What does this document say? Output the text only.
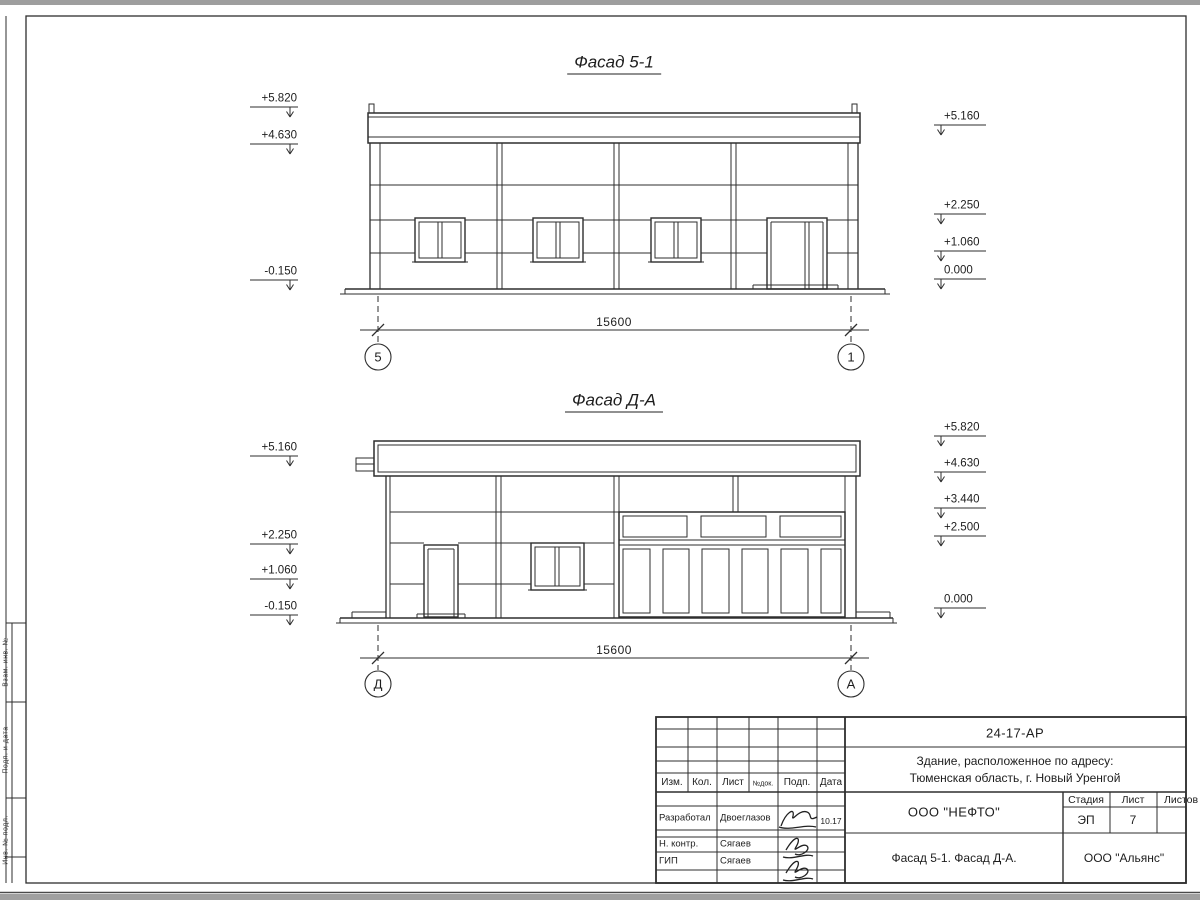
Фасад 5-1
Фасад Д-А
+5.820
+4.630
-0.150
+5.160
+2.250
+1.060
0.000
+5.160
+2.250
+1.060
-0.150
+5.820
+4.630
+3.440
+2.500
0.000
15600
5	1
15600
Д	А
Взам. инв. №
Подп. и дата
Инв. № подл.
Изм. Кол. Лист №док. Подп. Дата
Разработал Двоеглазов	10.17
Н. контр. Сягаев
ГИП	Сягаев
24-17-АР
Здание, расположенное по адресу:
Тюменская область, г. Новый Уренгой
ООО "НЕФТО"
Фасад 5-1. Фасад Д-А.
Стадия Лист Листов
ЭП	7
ООО "Альянс"
